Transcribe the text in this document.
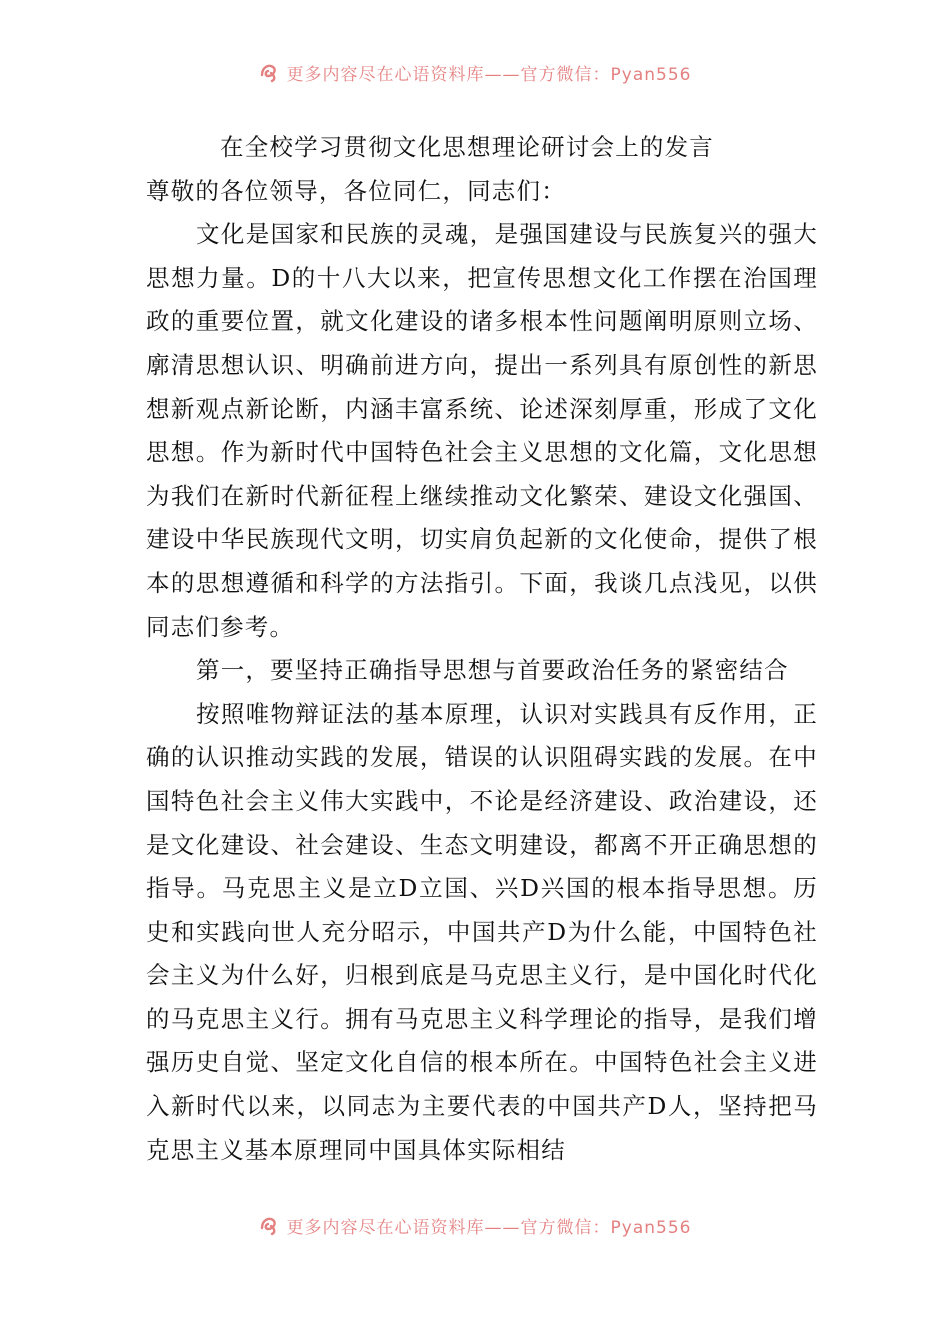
更多内容尽在心语资料库——官方微信：Pyan556
在全校学习贯彻文化思想理论研讨会上的发言

尊敬的各位领导，各位同仁，同志们：

文化是国家和民族的灵魂，是强国建设与民族复兴的强大思想力量。D的十八大以来，把宣传思想文化工作摆在治国理政的重要位置，就文化建设的诸多根本性问题阐明原则立场、廓清思想认识、明确前进方向，提出一系列具有原创性的新思想新观点新论断，内涵丰富系统、论述深刻厚重，形成了文化思想。作为新时代中国特色社会主义思想的文化篇，文化思想为我们在新时代新征程上继续推动文化繁荣、建设文化强国、建设中华民族现代文明，切实肩负起新的文化使命，提供了根本的思想遵循和科学的方法指引。下面，我谈几点浅见，以供同志们参考。

第一，要坚持正确指导思想与首要政治任务的紧密结合

按照唯物辩证法的基本原理，认识对实践具有反作用，正确的认识推动实践的发展，错误的认识阻碍实践的发展。在中国特色社会主义伟大实践中，不论是经济建设、政治建设，还是文化建设、社会建设、生态文明建设，都离不开正确思想的指导。马克思主义是立D立国、兴D兴国的根本指导思想。历史和实践向世人充分昭示，中国共产D为什么能，中国特色社会主义为什么好，归根到底是马克思主义行，是中国化时代化的马克思主义行。拥有马克思主义科学理论的指导，是我们增强历史自觉、坚定文化自信的根本所在。中国特色社会主义进入新时代以来，以同志为主要代表的中国共产D人，坚持把马克思主义基本原理同中国具体实际相结

更多内容尽在心语资料库——官方微信：Pyan556
